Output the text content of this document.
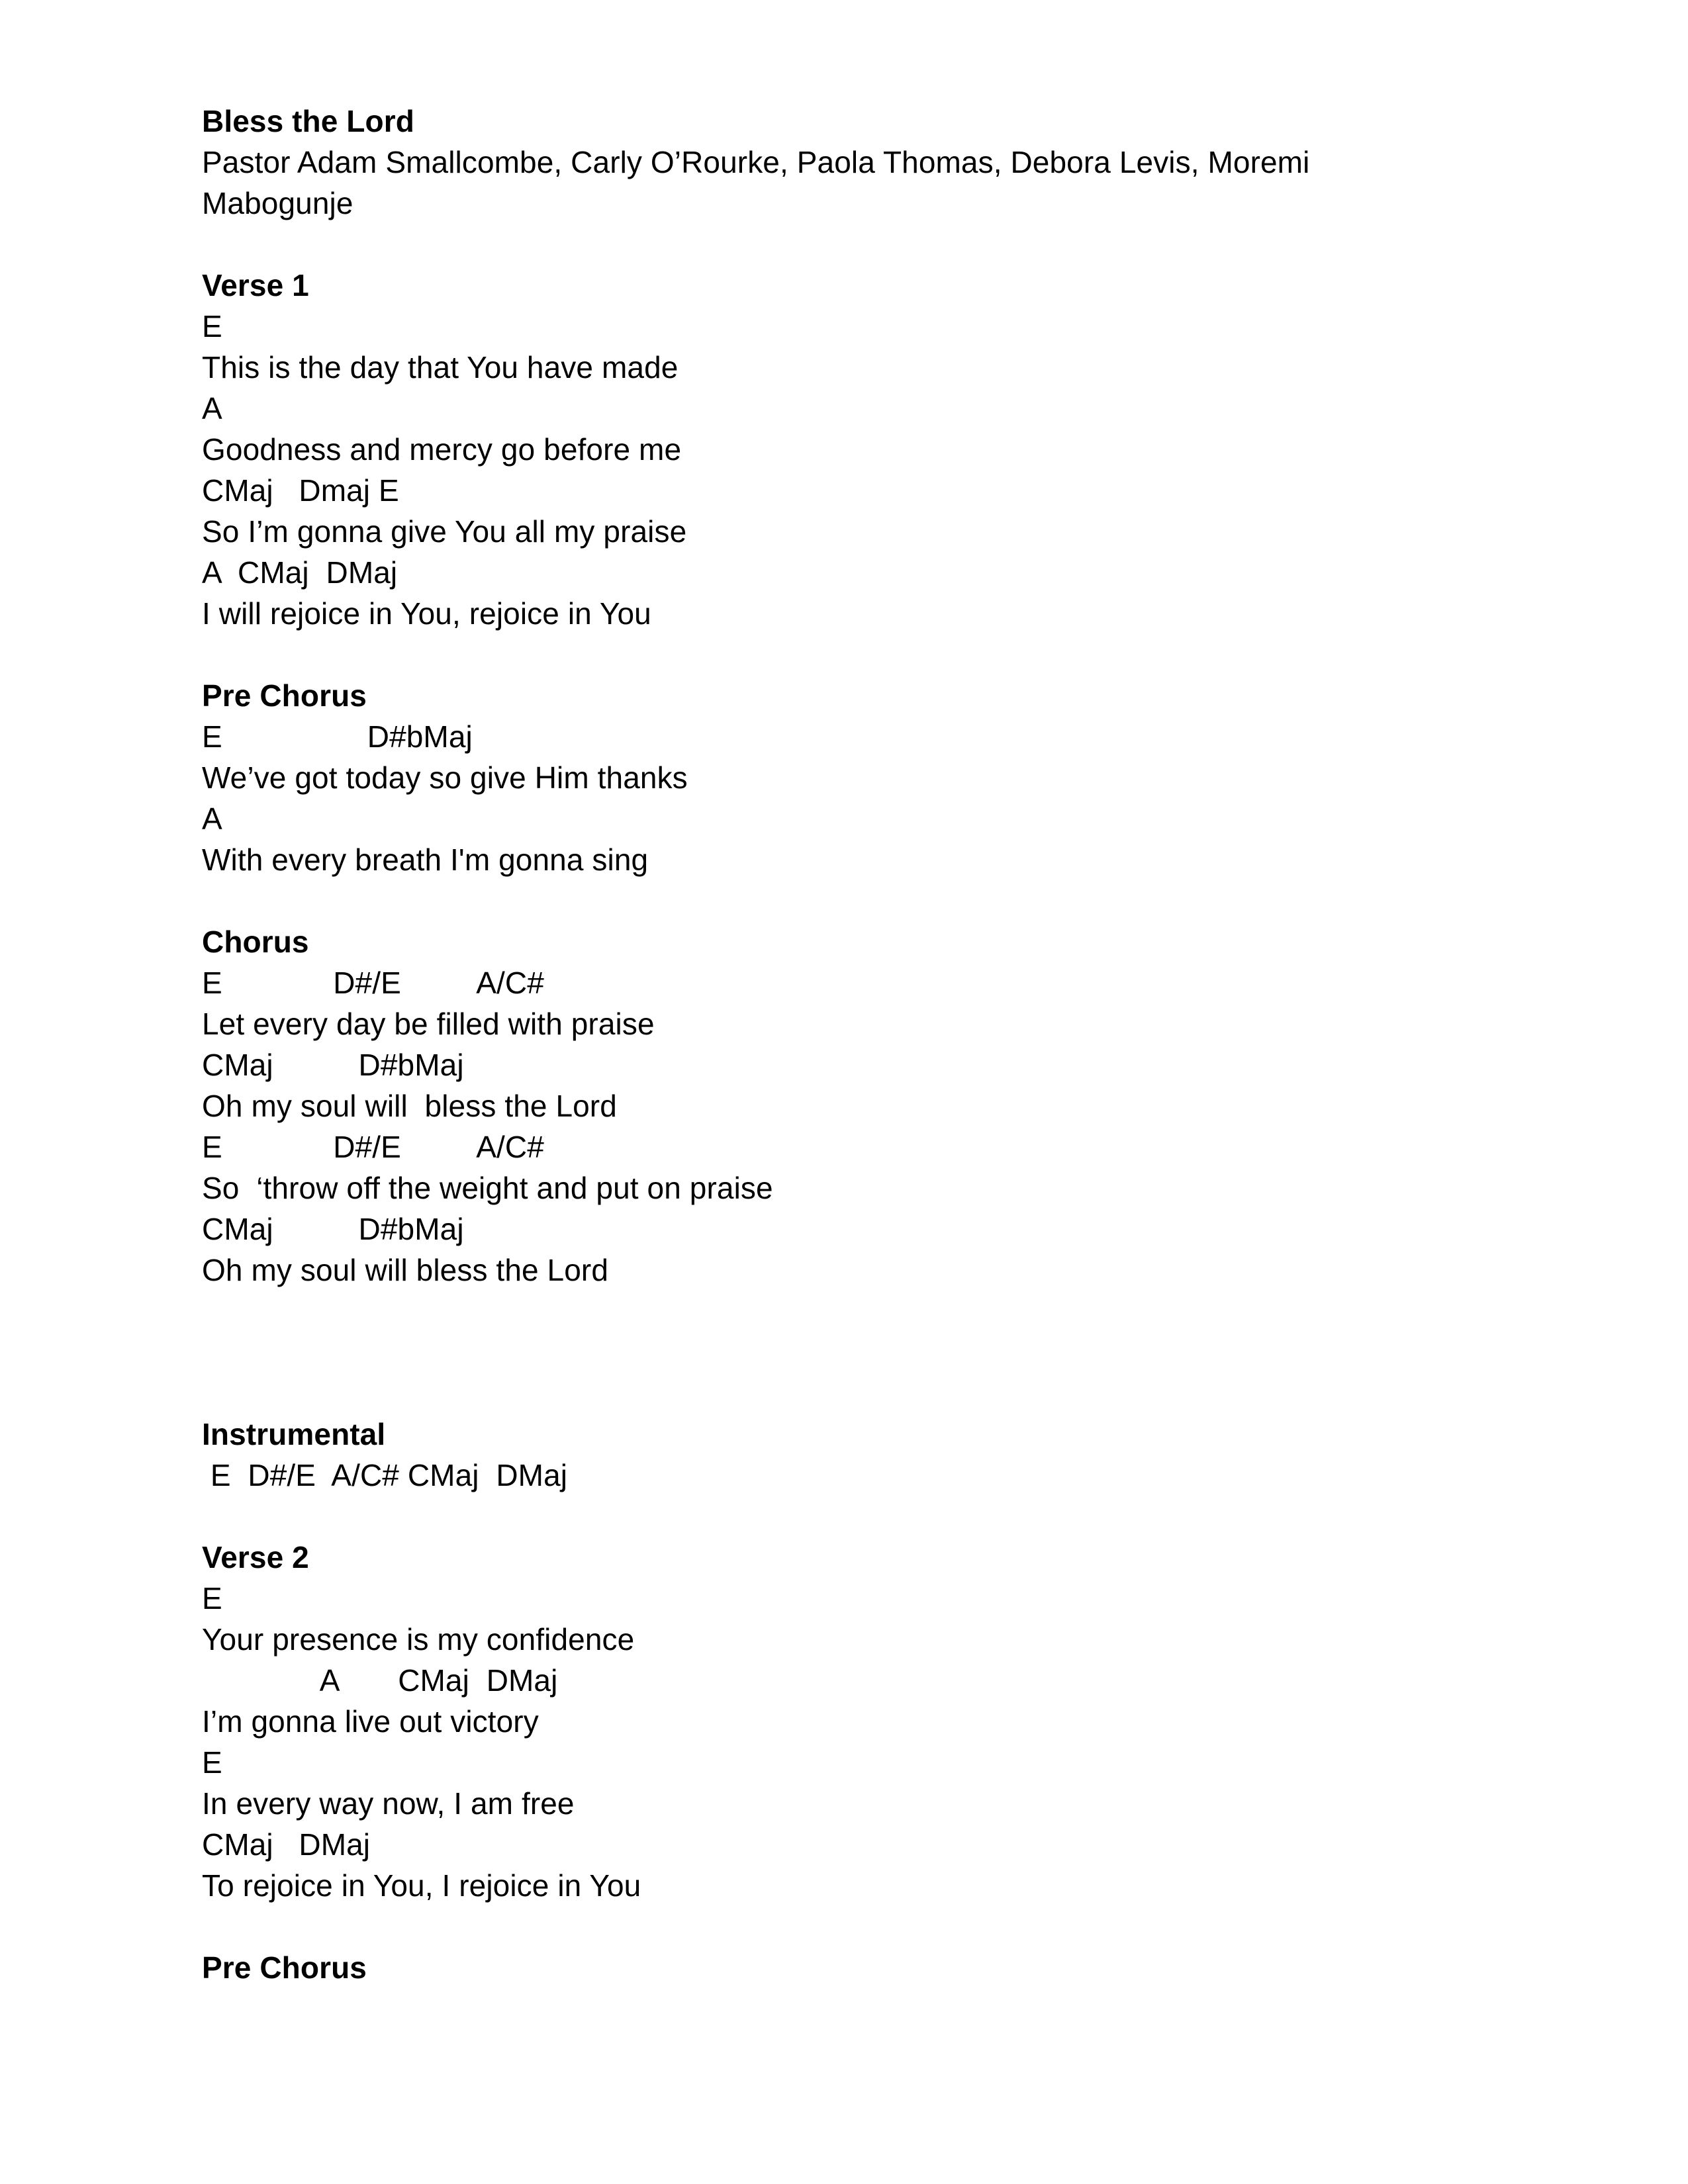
Bless the Lord
Pastor Adam Smallcombe, Carly O’Rourke, Paola Thomas, Debora Levis, Moremi Mabogunje
Verse 1
E
This is the day that You have made
A
Goodness and mercy go before me
CMaj   Dmaj E
So I’m gonna give You all my praise
A  CMaj  DMaj
I will rejoice in You, rejoice in You
Pre Chorus
E                 D#bMaj
We’ve got today so give Him thanks
A
With every breath I'm gonna sing
Chorus
E             D#/E         A/C#
Let every day be filled with praise
CMaj          D#bMaj
Oh my soul will  bless the Lord
E             D#/E         A/C#
So  ‘throw off the weight and put on praise
CMaj          D#bMaj
Oh my soul will bless the Lord
Instrumental
E  D#/E  A/C# CMaj  DMaj
Verse 2
E
Your presence is my confidence
A       CMaj  DMaj
I’m gonna live out victory
E
In every way now, I am free
CMaj   DMaj
To rejoice in You, I rejoice in You
Pre Chorus
